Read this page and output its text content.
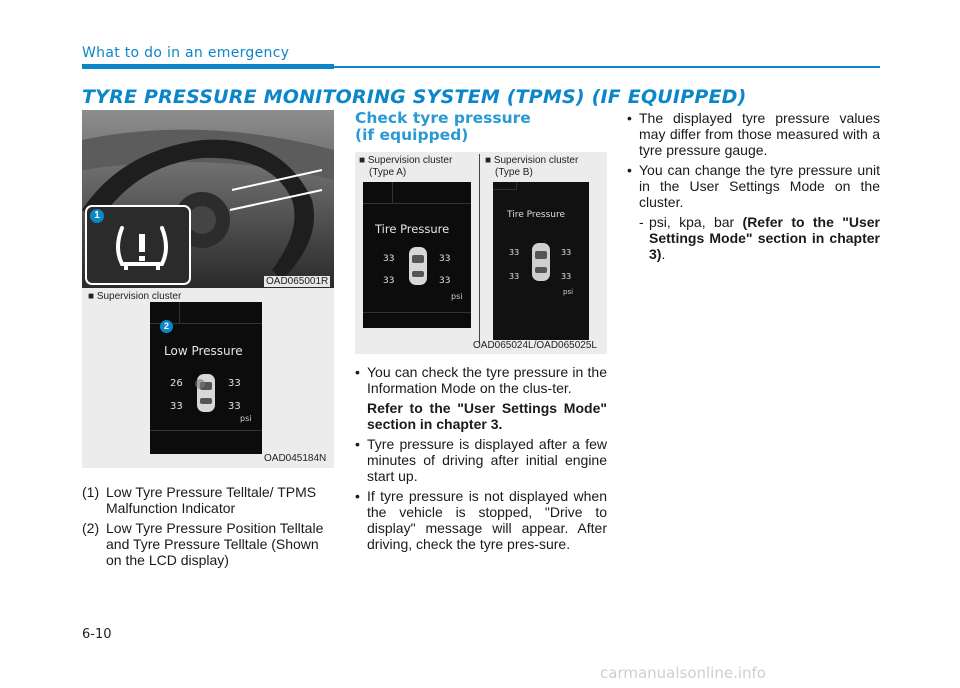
What to do in an emergency
TYRE PRESSURE MONITORING SYSTEM (TPMS) (IF EQUIPPED)
1
OAD065001R
■ Supervision cluster
2
Low Pressure
26	33
33	33
psi
OAD045184N
(1) Low Tyre Pressure Telltale/ TPMS Malfunction Indicator
(2) Low Tyre Pressure Position Telltale and Tyre Pressure Telltale (Shown on the LCD display)
Check tyre pressure
(if equipped)
■ Supervision cluster
(Type A)
■ Supervision cluster
(Type B)
Tire Pressure
33	33
33	33
psi
Tire Pressure
33	33
33	33
psi
OAD065024L/OAD065025L
• You can check the tyre pressure in the Information Mode on the clus-ter.
Refer to the "User Settings Mode" section in chapter 3.
• Tyre pressure is displayed after a few minutes of driving after initial engine start up.
• If tyre pressure is not displayed when the vehicle is stopped, "Drive to display" message will appear. After driving, check the tyre pres-sure.
• The displayed tyre pressure values may differ from those measured with a tyre pressure gauge.
• You can change the tyre pressure unit in the User Settings Mode on the cluster.
- psi, kpa, bar (Refer to the "User Settings Mode" section in chapter 3).
6-10
carmanualsonline.info
